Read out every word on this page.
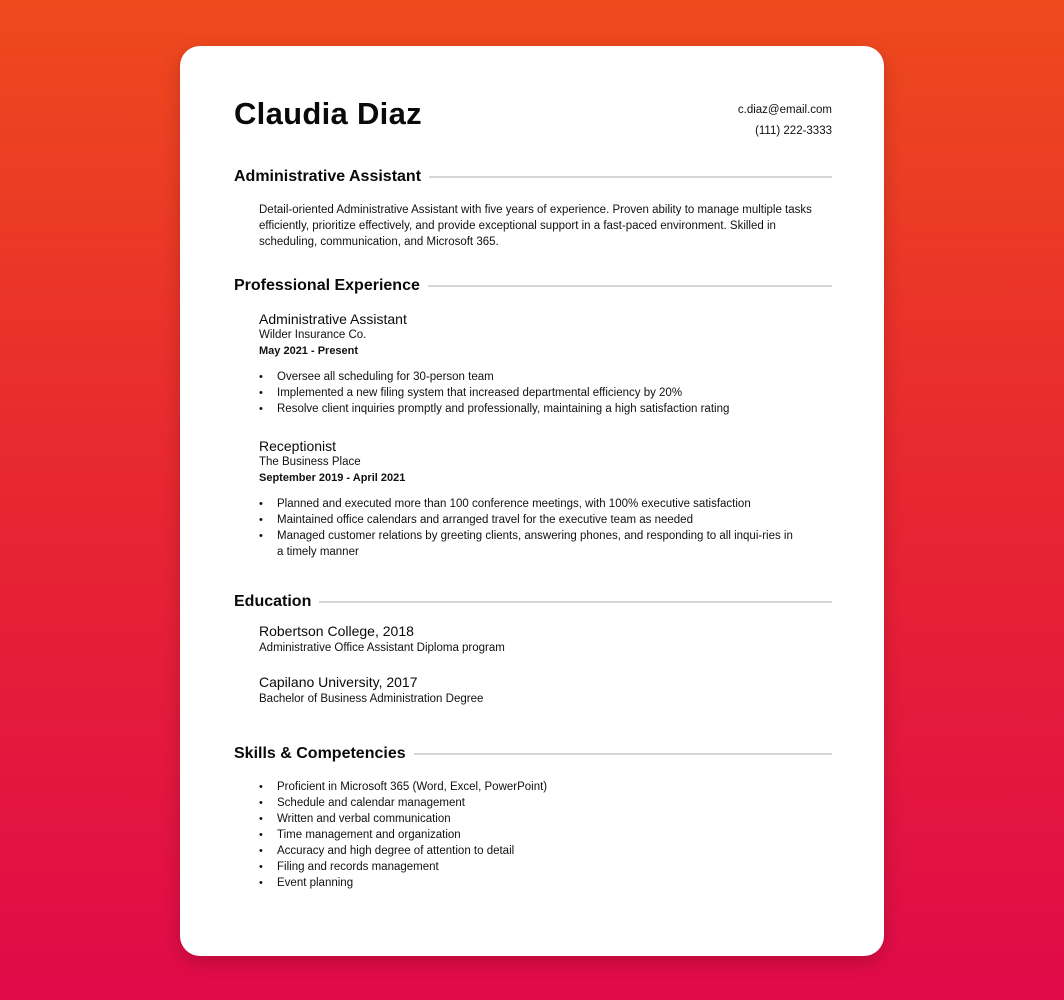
Claudia Diaz	c.diaz@email.com
(111) 222-3333
Administrative Assistant

Detail-oriented Administrative Assistant with five years of experience. Proven ability to manage multiple tasks efficiently, prioritize effectively, and provide exceptional support in a fast-paced environment. Skilled in scheduling, communication, and Microsoft 365.

Professional Experience
Administrative Assistant
Wilder Insurance Co.
May 2021 - Present
• Oversee all scheduling for 30-person team
• Implemented a new filing system that increased departmental efficiency by 20%
• Resolve client inquiries promptly and professionally, maintaining a high satisfaction rating
Receptionist
The Business Place
September 2019 - April 2021
• Planned and executed more than 100 conference meetings, with 100% executive satisfaction
• Maintained office calendars and arranged travel for the executive team as needed
• Managed customer relations by greeting clients, answering phones, and responding to all inqui-ries in a timely manner
Education
Robertson College, 2018
Administrative Office Assistant Diploma program
Capilano University, 2017
Bachelor of Business Administration Degree
Skills & Competencies
• Proficient in Microsoft 365 (Word, Excel, PowerPoint)
• Schedule and calendar management
• Written and verbal communication
• Time management and organization
• Accuracy and high degree of attention to detail
• Filing and records management
• Event planning
